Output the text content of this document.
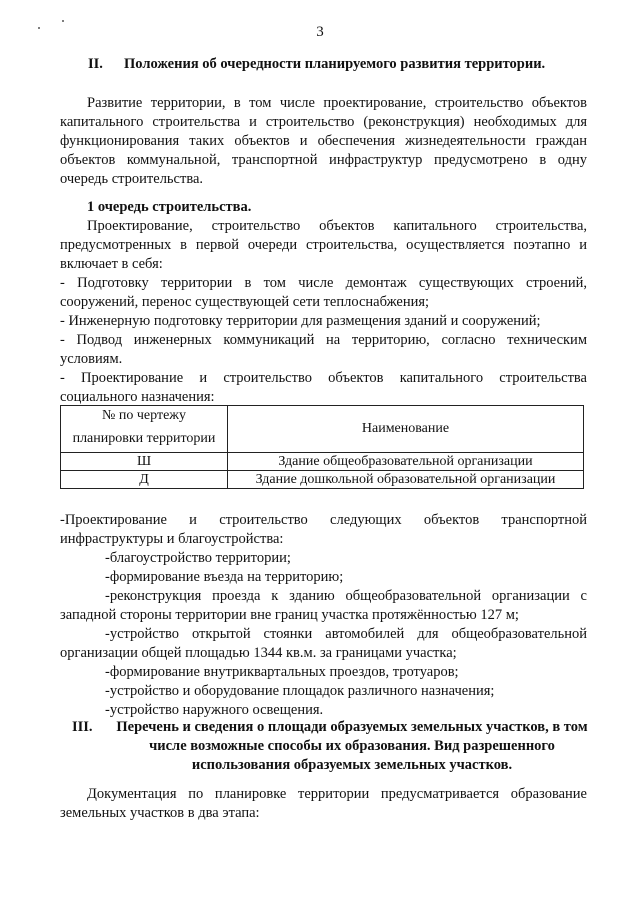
3
II. Положения об очередности планируемого развития территории.

Развитие территории, в том числе проектирование, строительство объектов капитального строительства и строительство (реконструкция) необходимых для функционирования таких объектов и обеспечения жизнедеятельности граждан объектов коммунальной, транспортной инфраструктур предусмотрено в одну очередь строительства.

1 очередь строительства.

Проектирование, строительство объектов капитального строительства, предусмотренных в первой очереди строительства, осуществляется поэтапно и включает в себя:

- Подготовку территории в том числе демонтаж существующих строений, сооружений, перенос существующей сети теплоснабжения;
- Инженерную подготовку территории для размещения зданий и сооружений;
- Подвод инженерных коммуникаций на территорию, согласно техническим условиям.
- Проектирование и строительство объектов капитального строительства социального назначения:
№ по чертежу
планировки территории	Наименование
Ш	Здание общеобразовательной организации
Д	Здание дошкольной образовательной организации
-Проектирование и строительство следующих объектов транспортной инфраструктуры и благоустройства:
-благоустройство территории;
-формирование въезда на территорию;
-реконструкция проезда к зданию общеобразовательной организации с западной стороны территории вне границ участка протяжённостью 127 м;
-устройство открытой стоянки автомобилей для общеобразовательной организации общей площадью 1344 кв.м. за границами участка;
-формирование внутриквартальных проездов, тротуаров;
-устройство и оборудование площадок различного назначения;
-устройство наружного освещения.
III.	Перечень и сведения о площади образуемых земельных участков, в том числе возможные способы их образования. Вид разрешенного использования образуемых земельных участков.

Документация по планировке территории предусматривается образование земельных участков в два этапа:
